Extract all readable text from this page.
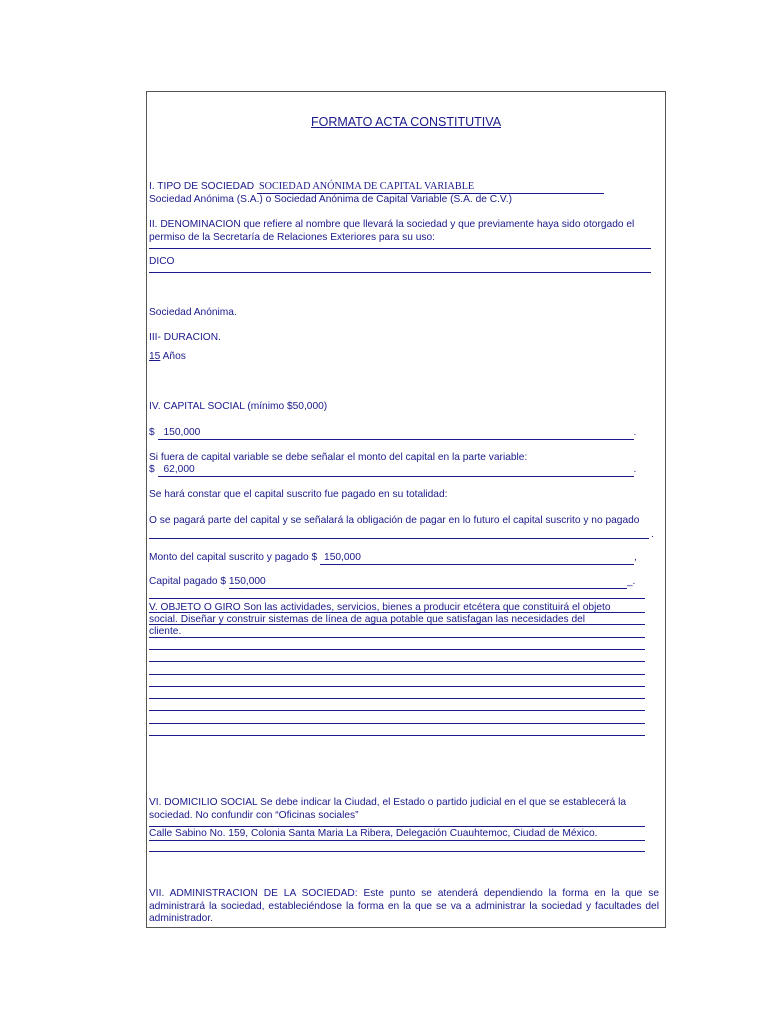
FORMATO ACTA CONSTITUTIVA
I. TIPO DE SOCIEDAD SOCIEDAD ANÓNIMA DE CAPITAL VARIABLE
Sociedad Anónima (S.A.) o Sociedad Anónima de Capital Variable (S.A. de C.V.)
II. DENOMINACION que refiere al nombre que llevará la sociedad y que previamente haya sido otorgado el
permiso de la Secretaría de Relaciones Exteriores para su uso:
DICO
Sociedad Anónima.
III- DURACION.
15 Años
IV. CAPITAL SOCIAL (mínimo $50,000)
$ 150,000	.
Si fuera de capital variable se debe señalar el monto del capital en la parte variable:
$ 62,000	.
Se hará constar que el capital suscrito fue pagado en su totalidad:
O se pagará parte del capital y se señalará la obligación de pagar en lo futuro el capital suscrito y no pagado
.
Monto del capital suscrito y pagado $ 150,000	,
Capital pagado $ 150,000	_.
V. OBJETO O GIRO Son las actividades, servicios, bienes a producir etcétera que constituirá el objeto
social. Diseñar y construir sistemas de línea de agua potable que satisfagan las necesidades del
cliente.
VI. DOMICILIO SOCIAL Se debe indicar la Ciudad, el Estado o partido judicial en el que se establecerá la
sociedad. No confundir con “Oficinas sociales”
Calle Sabino No. 159, Colonia Santa Maria La Ribera, Delegación Cuauhtemoc, Ciudad de México.
VII. ADMINISTRACION DE LA SOCIEDAD: Este punto se atenderá dependiendo la forma en la que se administrará la sociedad, estableciéndose la forma en la que se va a administrar la sociedad y facultades del administrador.
